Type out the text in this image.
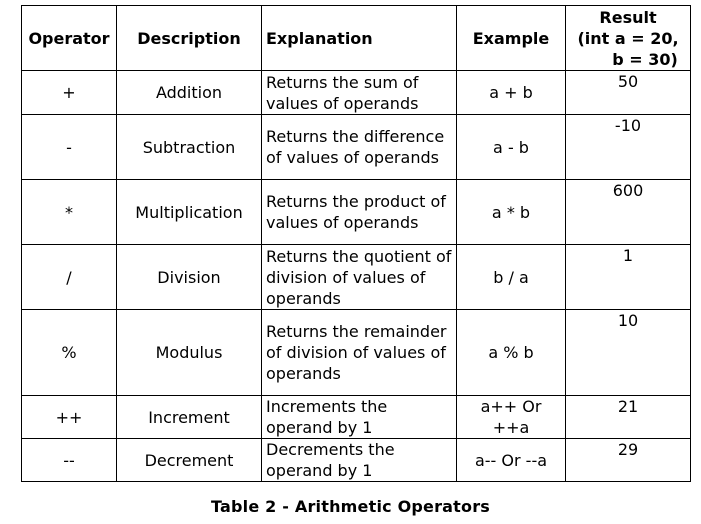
Operator	Description	Explanation	Example	Result
(int a = 20,
b = 30)

+	Addition	Returns the sum of values of operands	a + b	50
-	Subtraction	Returns the difference of values of operands	a - b	-10
*	Multiplication	Returns the product of values of operands	a * b	600
/	Division	Returns the quotient of division of values of operands	b / a	1
%	Modulus	Returns the remainder of division of values of operands	a % b	10
++	Increment	Increments the operand by 1	a++ Or ++a	21
--	Decrement	Decrements the operand by 1	a-- Or --a	29
Table 2 - Arithmetic Operators
